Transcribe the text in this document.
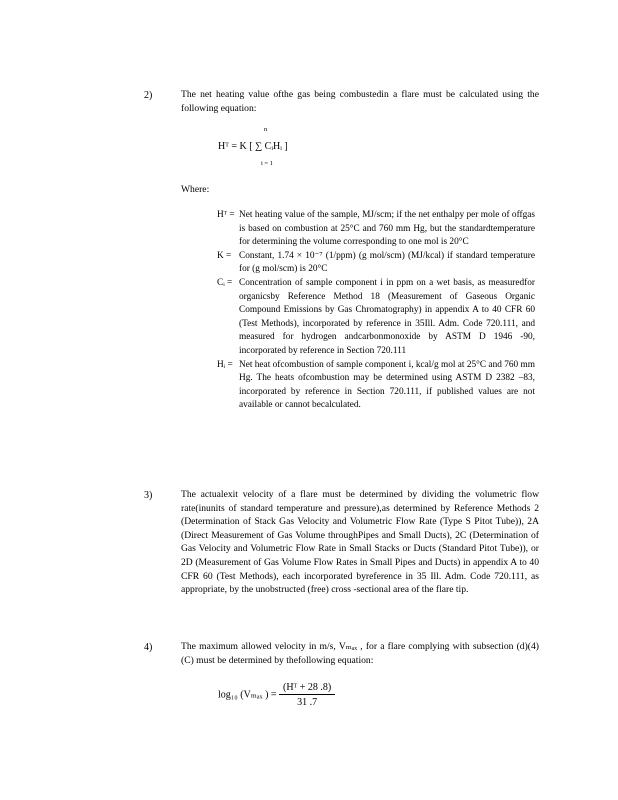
2)	The net heating value ofthe gas being combustedin a flare must be calculated using the following equation:
n
Hᵀ = K [ ∑ CᵢHᵢ ]
i = 1
Where:
Hᵀ = Net heating value of the sample, MJ/scm; if the net enthalpy per mole of offgas is based on combustion at 25°C and 760 mm Hg, but the standardtemperature for determining the volume corresponding to one mol is 20°C
K = Constant, 1.74 × 10⁻⁷ (1/ppm) (g mol/scm) (MJ/kcal) if standard temperature for (g mol/scm) is 20°C
Cᵢ = Concentration of sample component i in ppm on a wet basis, as measuredfor organicsby Reference Method 18 (Measurement of Gaseous Organic Compound Emissions by Gas Chromatography) in appendix A to 40 CFR 60 (Test Methods), incorporated by reference in 35Ill. Adm. Code 720.111, and measured for hydrogen andcarbonmonoxide by ASTM D 1946 -90, incorporated by reference in Section 720.111
Hᵢ = Net heat ofcombustion of sample component i, kcal/g mol at 25°C and 760 mm Hg. The heats ofcombustion may be determined using ASTM D 2382 –83, incorporated by reference in Section 720.111, if published values are not available or cannot becalculated.
3)	The actualexit velocity of a flare must be determined by dividing the volumetric flow rate(inunits of standard temperature and pressure),as determined by Reference Methods 2 (Determination of Stack Gas Velocity and Volumetric Flow Rate (Type S Pitot Tube)), 2A (Direct Measurement of Gas Volume throughPipes and Small Ducts), 2C (Determination of Gas Velocity and Volumetric Flow Rate in Small Stacks or Ducts (Standard Pitot Tube)), or 2D (Measurement of Gas Volume Flow Rates in Small Pipes and Ducts) in appendix A to 40 CFR 60 (Test Methods), each incorporated byreference in 35 Ill. Adm. Code 720.111, as appropriate, by the unobstructed (free) cross -sectional area of the flare tip.
4)	The maximum allowed velocity in m/s, Vₘₐₓ , for a flare complying with subsection (d)(4)(C) must be determined by thefollowing equation:
log₁₀ (Vₘₐₓ ) = $\frac{\text{(Hᵀ + 28 .8)}}{31 .7}$
